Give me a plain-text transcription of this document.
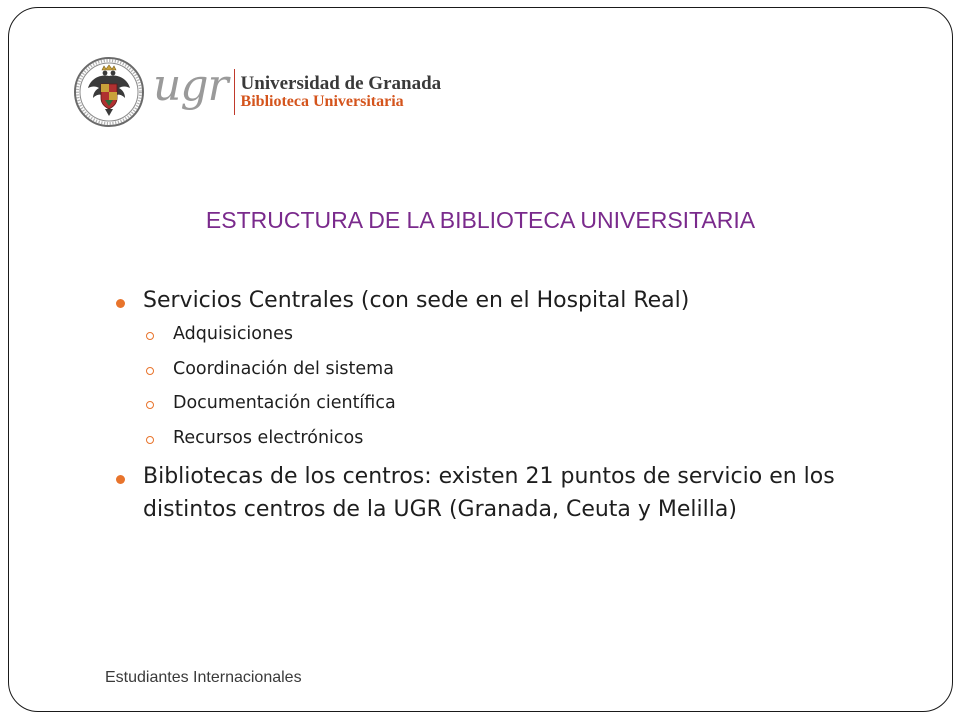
ugr Universidad de Granada
Biblioteca Universitaria
ESTRUCTURA DE LA BIBLIOTECA UNIVERSITARIA
Servicios Centrales (con sede en el Hospital Real)
Adquisiciones
Coordinación del sistema
Documentación científica
Recursos electrónicos
Bibliotecas de los centros: existen 21 puntos de servicio en los distintos centros de la UGR (Granada, Ceuta y Melilla)
Estudiantes Internacionales
